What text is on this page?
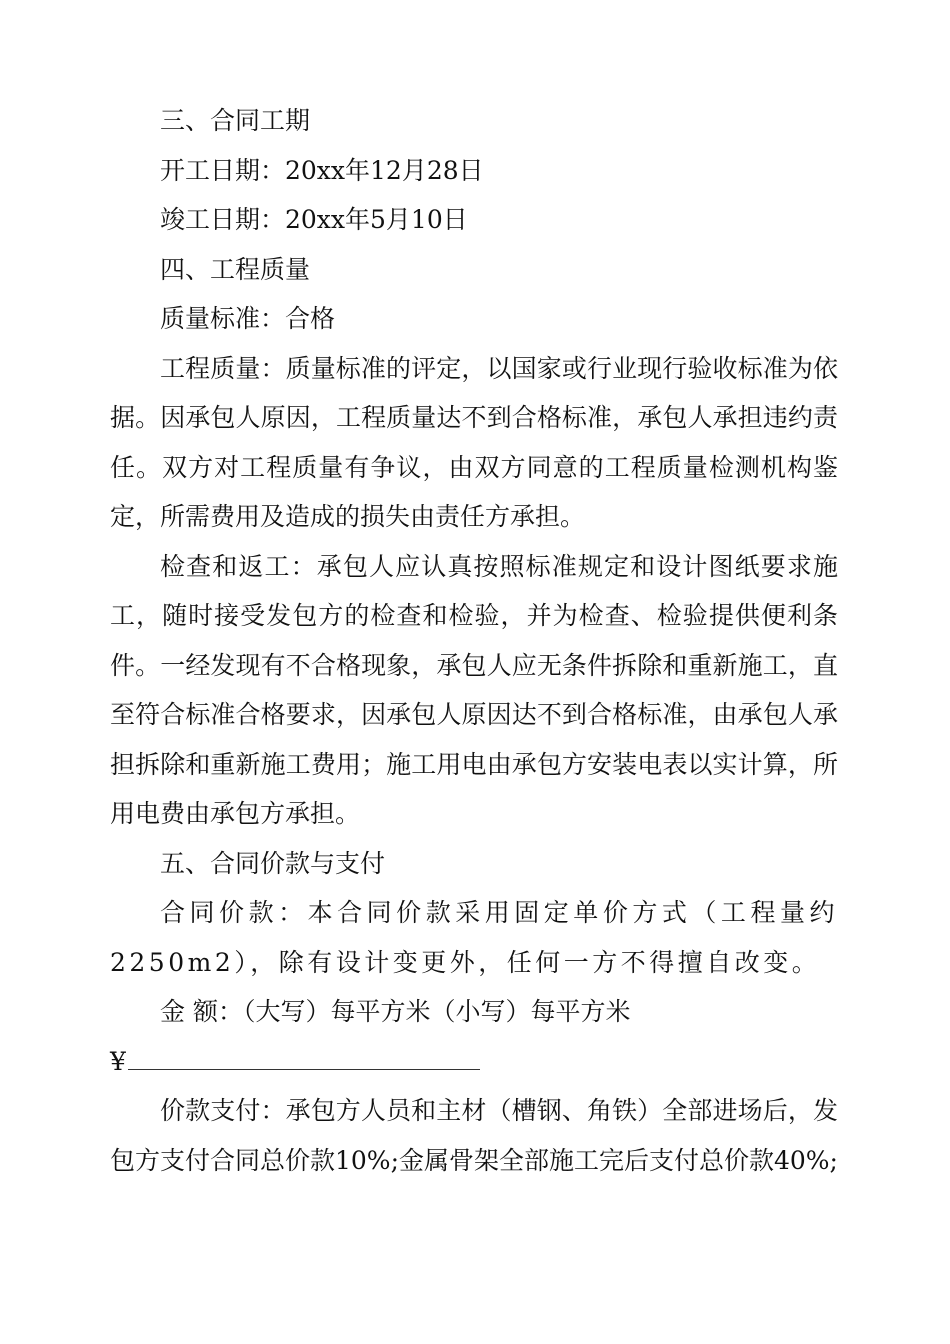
三、合同工期

开工日期：20xx年12月28日

竣工日期：20xx年5月10日

四、工程质量

质量标准：合格

工程质量：质量标准的评定，以国家或行业现行验收标准为依据。因承包人原因，工程质量达不到合格标准，承包人承担违约责任。双方对工程质量有争议，由双方同意的工程质量检测机构鉴定，所需费用及造成的损失由责任方承担。

检查和返工：承包人应认真按照标准规定和设计图纸要求施工，随时接受发包方的检查和检验，并为检查、检验提供便利条件。一经发现有不合格现象，承包人应无条件拆除和重新施工，直至符合标准合格要求，因承包人原因达不到合格标准，由承包人承担拆除和重新施工费用；施工用电由承包方安装电表以实计算，所用电费由承包方承担。

五、合同价款与支付

合同价款：本合同价款采用固定单价方式（工程量约2250m2），除有设计变更外，任何一方不得擅自改变。

金 额：（大写）每平方米（小写）每平方米

¥

价款支付：承包方人员和主材（槽钢、角铁）全部进场后，发包方支付合同总价款10%;金属骨架全部施工完后支付总价款40%;
